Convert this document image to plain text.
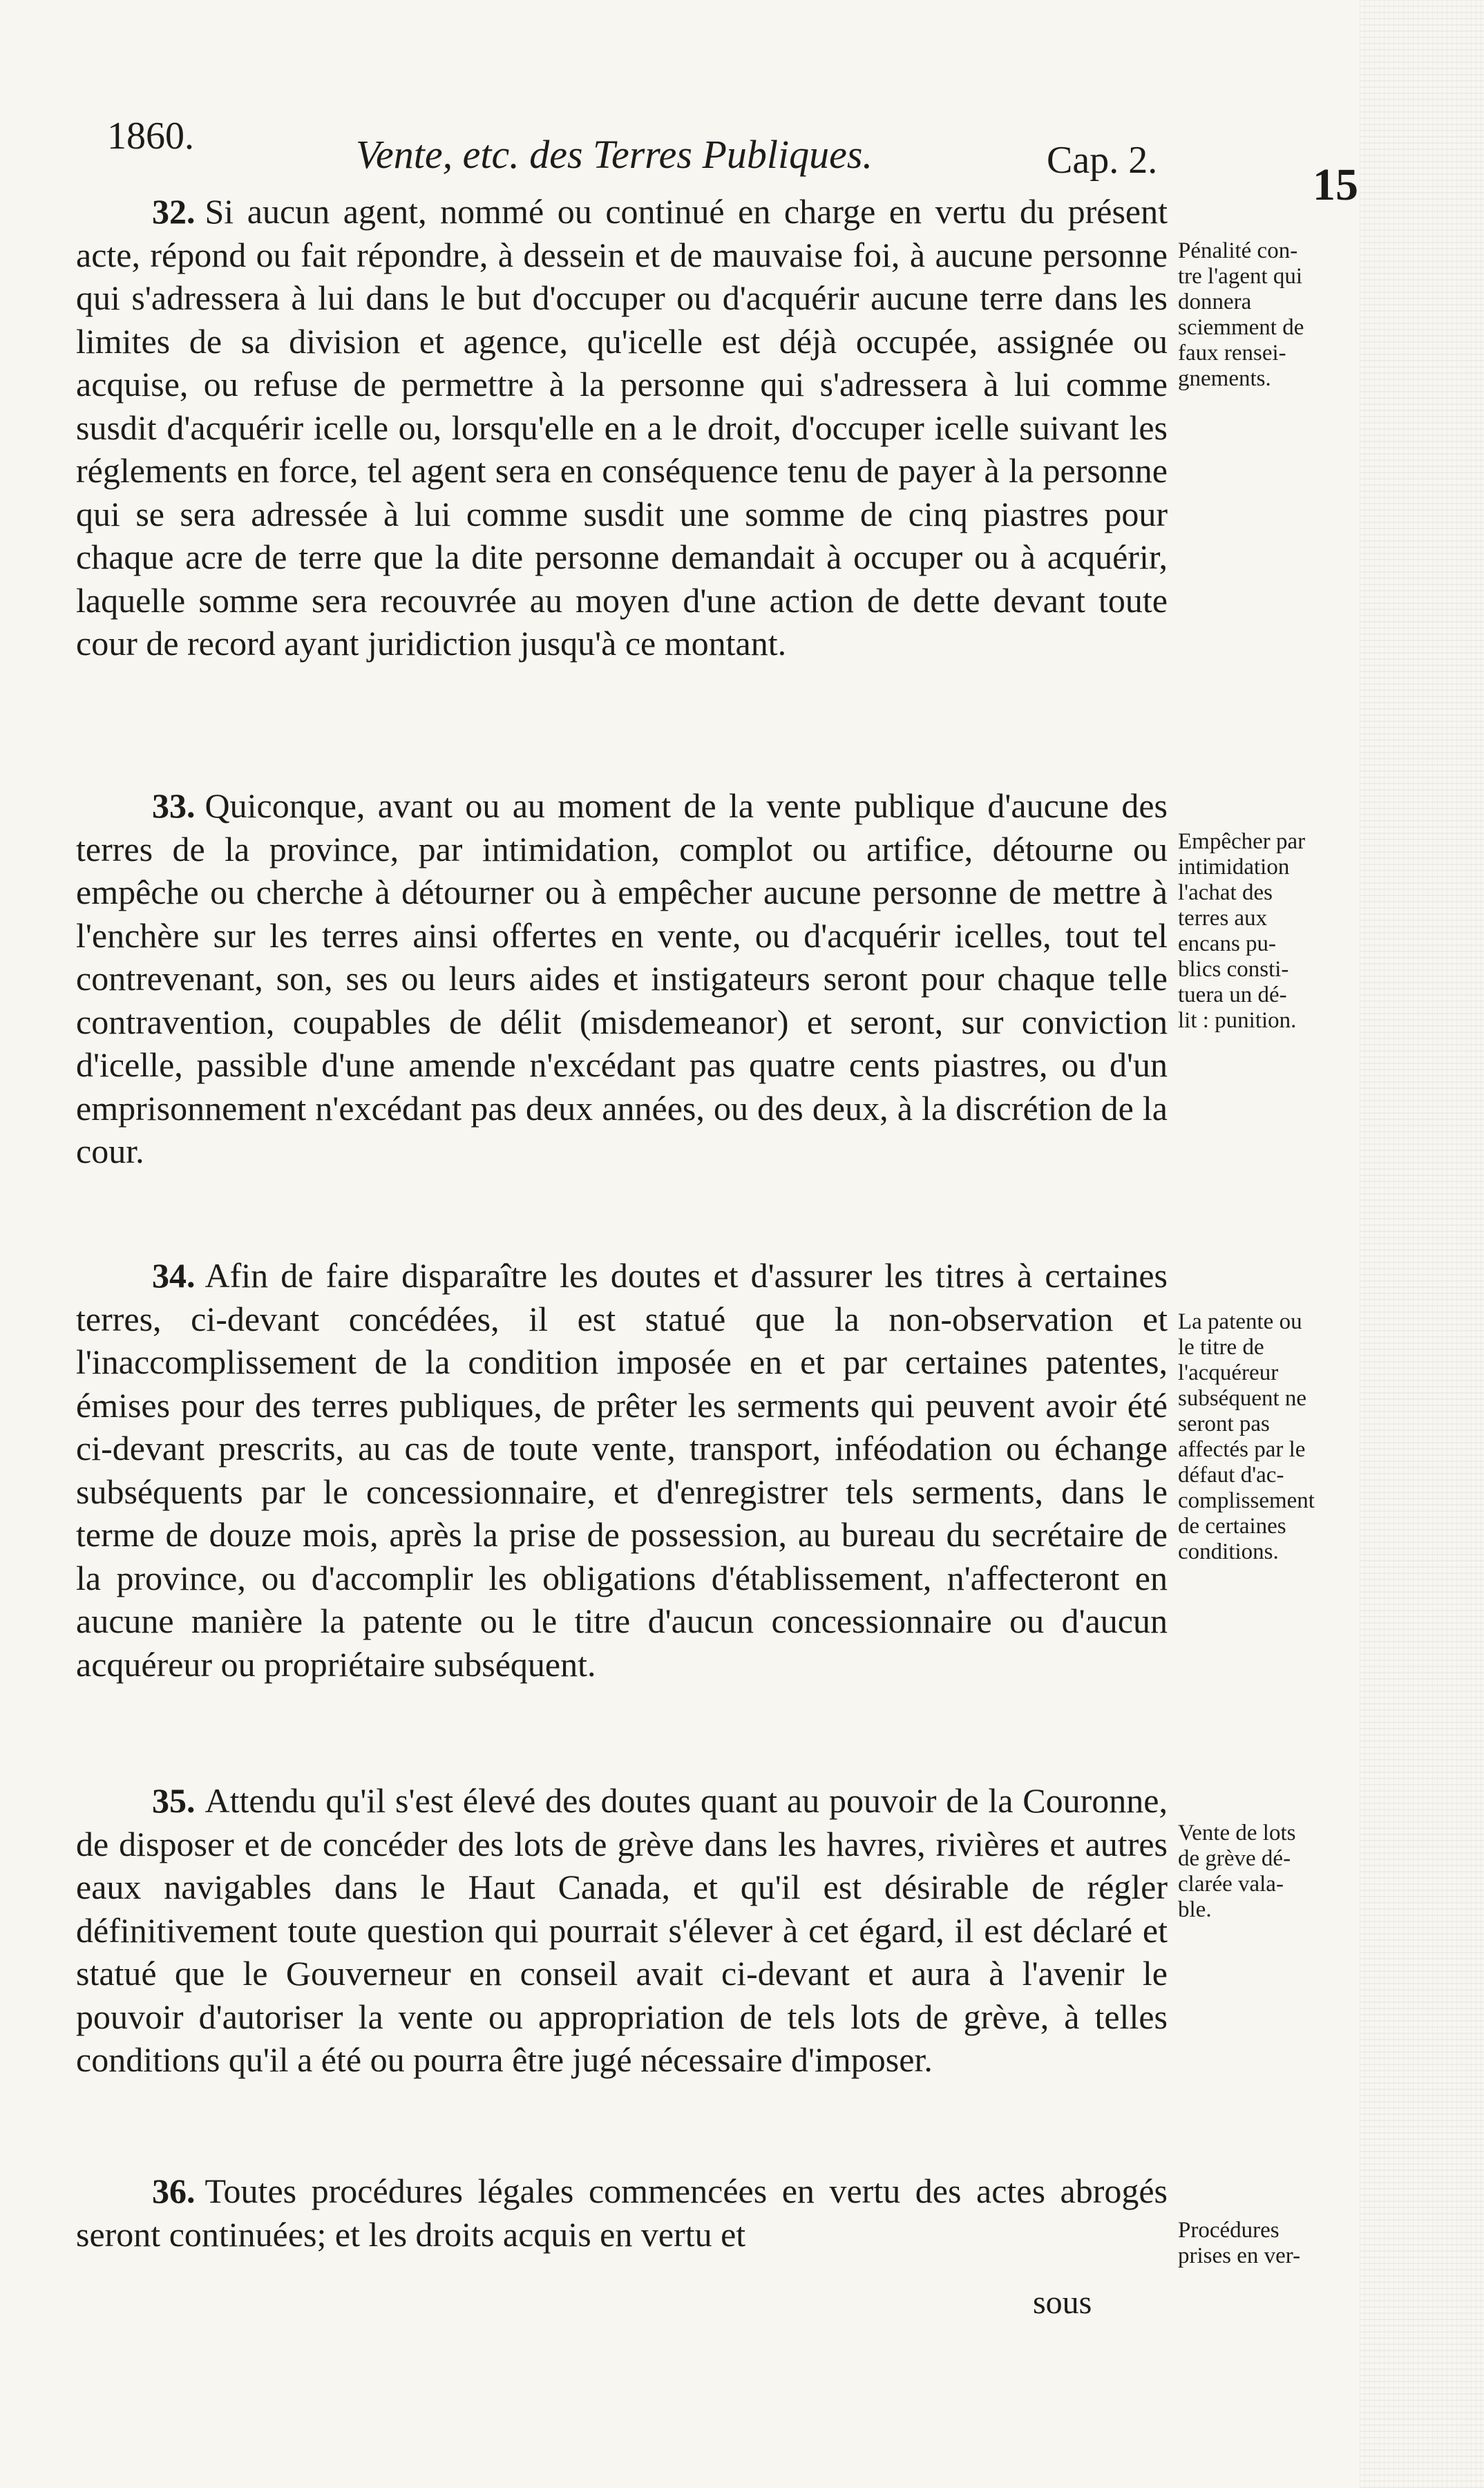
1860.	Vente, etc. des Terres Publiques.	Cap. 2.	15

32. Si aucun agent, nommé ou continué en charge en vertu du présent acte, répond ou fait répondre, à dessein et de mauvaise foi, à aucune personne qui s'adressera à lui dans le but d'occuper ou d'acquérir aucune terre dans les limites de sa division et agence, qu'icelle est déjà occupée, assignée ou acquise, ou refuse de permettre à la personne qui s'adressera à lui comme susdit d'acquérir icelle ou, lorsqu'elle en a le droit, d'occuper icelle suivant les réglements en force, tel agent sera en conséquence tenu de payer à la personne qui se sera adressée à lui comme susdit une somme de cinq piastres pour chaque acre de terre que la dite personne demandait à occuper ou à acquérir, laquelle somme sera recouvrée au moyen d'une action de dette devant toute cour de record ayant juridiction jusqu'à ce montant.

Pénalité con-
tre l'agent qui
donnera
sciemment de
faux rensei-
gnements.

33. Quiconque, avant ou au moment de la vente publique d'aucune des terres de la province, par intimidation, complot ou artifice, détourne ou empêche ou cherche à détourner ou à empêcher aucune personne de mettre à l'enchère sur les terres ainsi offertes en vente, ou d'acquérir icelles, tout tel contrevenant, son, ses ou leurs aides et instigateurs seront pour chaque telle contravention, coupables de délit (misdemeanor) et seront, sur conviction d'icelle, passible d'une amende n'excédant pas quatre cents piastres, ou d'un emprisonnement n'excédant pas deux années, ou des deux, à la discrétion de la cour.

Empêcher par
intimidation
l'achat des
terres aux
encans pu-
blics consti-
tuera un dé-
lit : punition.

34. Afin de faire disparaître les doutes et d'assurer les titres à certaines terres, ci-devant concédées, il est statué que la non-observation et l'inaccomplissement de la condition imposée en et par certaines patentes, émises pour des terres publiques, de prêter les serments qui peuvent avoir été ci-devant prescrits, au cas de toute vente, transport, inféodation ou échange subséquents par le concessionnaire, et d'enregistrer tels serments, dans le terme de douze mois, après la prise de possession, au bureau du secrétaire de la province, ou d'accomplir les obligations d'établissement, n'affecteront en aucune manière la patente ou le titre d'aucun concessionnaire ou d'aucun acquéreur ou propriétaire subséquent.

La patente ou
le titre de
l'acquéreur
subséquent ne
seront pas
affectés par le
défaut d'ac-
complissement
de certaines
conditions.

35. Attendu qu'il s'est élevé des doutes quant au pouvoir de la Couronne, de disposer et de concéder des lots de grève dans les havres, rivières et autres eaux navigables dans le Haut Canada, et qu'il est désirable de régler définitivement toute question qui pourrait s'élever à cet égard, il est déclaré et statué que le Gouverneur en conseil avait ci-devant et aura à l'avenir le pouvoir d'autoriser la vente ou appropriation de tels lots de grève, à telles conditions qu'il a été ou pourra être jugé nécessaire d'imposer.

Vente de lots
de grève dé-
clarée vala-
ble.

36. Toutes procédures légales commencées en vertu des actes abrogés seront continuées; et les droits acquis en vertu et	Procédures
prises en ver-
sous
